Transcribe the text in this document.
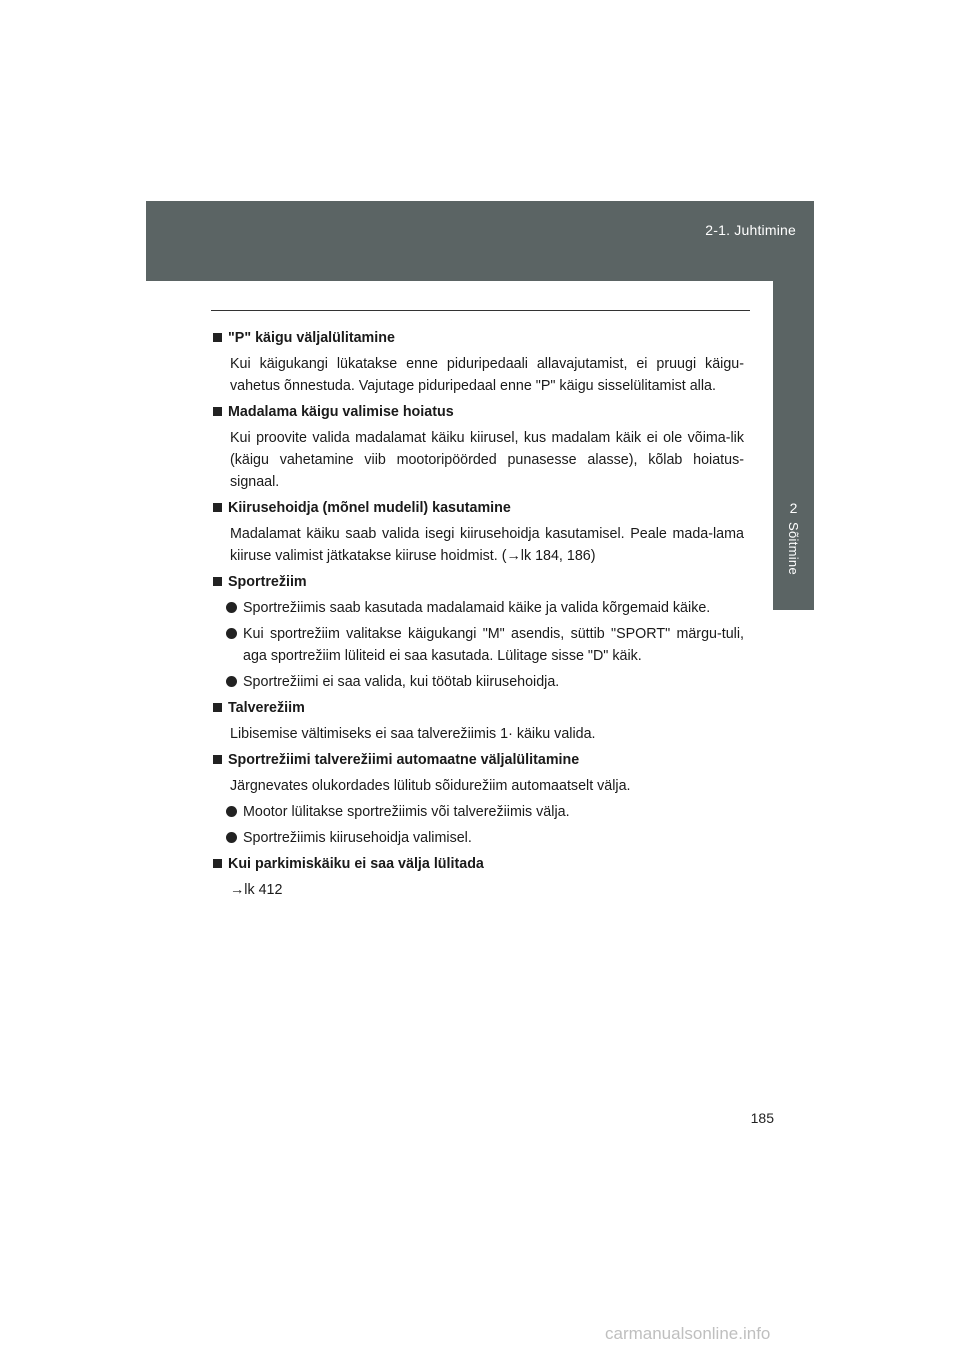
2-1. Juhtimine
2
Sõitmine
"P" käigu väljalülitamine
Kui käigukangi lükatakse enne piduripedaali allavajutamist, ei pruugi käigu-vahetus õnnestuda. Vajutage piduripedaal enne "P" käigu sisselülitamist alla.
Madalama käigu valimise hoiatus
Kui proovite valida madalamat käiku kiirusel, kus madalam käik ei ole võima-lik (käigu vahetamine viib mootoripöörded punasesse alasse), kõlab hoiatus-signaal.
Kiirusehoidja (mõnel mudelil) kasutamine
Madalamat käiku saab valida isegi kiirusehoidja kasutamisel. Peale mada-lama kiiruse valimist jätkatakse kiiruse hoidmist. (→lk 184, 186)
Sportrežiim
Sportrežiimis saab kasutada madalamaid käike ja valida kõrgemaid käike.
Kui sportrežiim valitakse käigukangi "M" asendis, süttib "SPORT" märgu-tuli, aga sportrežiim lüliteid ei saa kasutada. Lülitage sisse "D" käik.
Sportrežiimi ei saa valida, kui töötab kiirusehoidja.
Talverežiim
Libisemise vältimiseks ei saa talverežiimis 1· käiku valida.
Sportrežiimi talverežiimi automaatne väljalülitamine
Järgnevates olukordades lülitub sõidurežiim automaatselt välja.
Mootor lülitakse sportrežiimis või talverežiimis välja.
Sportrežiimis kiirusehoidja valimisel.
Kui parkimiskäiku ei saa välja lülitada
→lk 412
185
carmanualsonline.info
